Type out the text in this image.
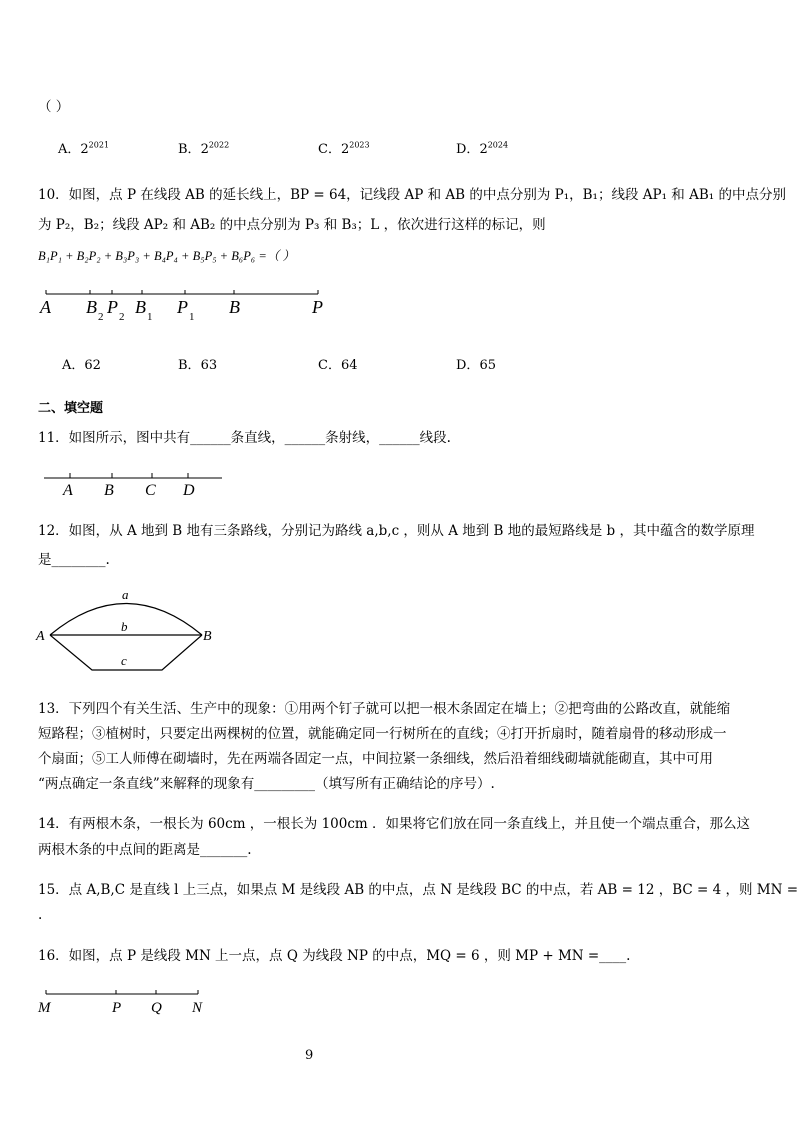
（ ）
A．$2^{2021}$	B．$2^{2022}$	C．$2^{2023}$	D．$2^{2024}$
10．如图，点 P 在线段 AB 的延长线上，BP = 64，记线段 AP 和 AB 的中点分别为 P₁，B₁；线段 AP₁ 和 AB₁ 的中点分别
为 P₂，B₂；线段 AP₂ 和 AB₂ 的中点分别为 P₃ 和 B₃；L ，依次进行这样的标记，则
B₁P₁ + B₂P₂ + B₃P₃ + B₄P₄ + B₅P₅ + B₆P₆ =（ ）
A B 2 P 2 B 1 P 1 B	P
A．62	B．63	C．64	D．65
二、填空题
11．如图所示，图中共有______条直线，______条射线，______线段.
A B C D
12．如图，从 A 地到 B 地有三条路线，分别记为路线 a,b,c ，则从 A 地到 B 地的最短路线是 b ，其中蕴含的数学原理
是________.
A	B
a
b
c
13．下列四个有关生活、生产中的现象：①用两个钉子就可以把一根木条固定在墙上；②把弯曲的公路改直，就能缩
短路程；③植树时，只要定出两棵树的位置，就能确定同一行树所在的直线；④打开折扇时，随着扇骨的移动形成一
个扇面；⑤工人师傅在砌墙时，先在两端各固定一点，中间拉紧一条细线，然后沿着细线砌墙就能砌直，其中可用
“两点确定一条直线”来解释的现象有_________（填写所有正确结论的序号）.
14．有两根木条，一根长为 60cm ，一根长为 100cm ．如果将它们放在同一条直线上，并且使一个端点重合，那么这
两根木条的中点间的距离是_______.
15．点 A,B,C 是直线 l 上三点，如果点 M 是线段 AB 的中点，点 N 是线段 BC 的中点，若 AB = 12 ，BC = 4 ，则 MN =
.
16．如图，点 P 是线段 MN 上一点，点 Q 为线段 NP 的中点，MQ = 6 ，则 MP + MN =____.
M	P Q N
9
